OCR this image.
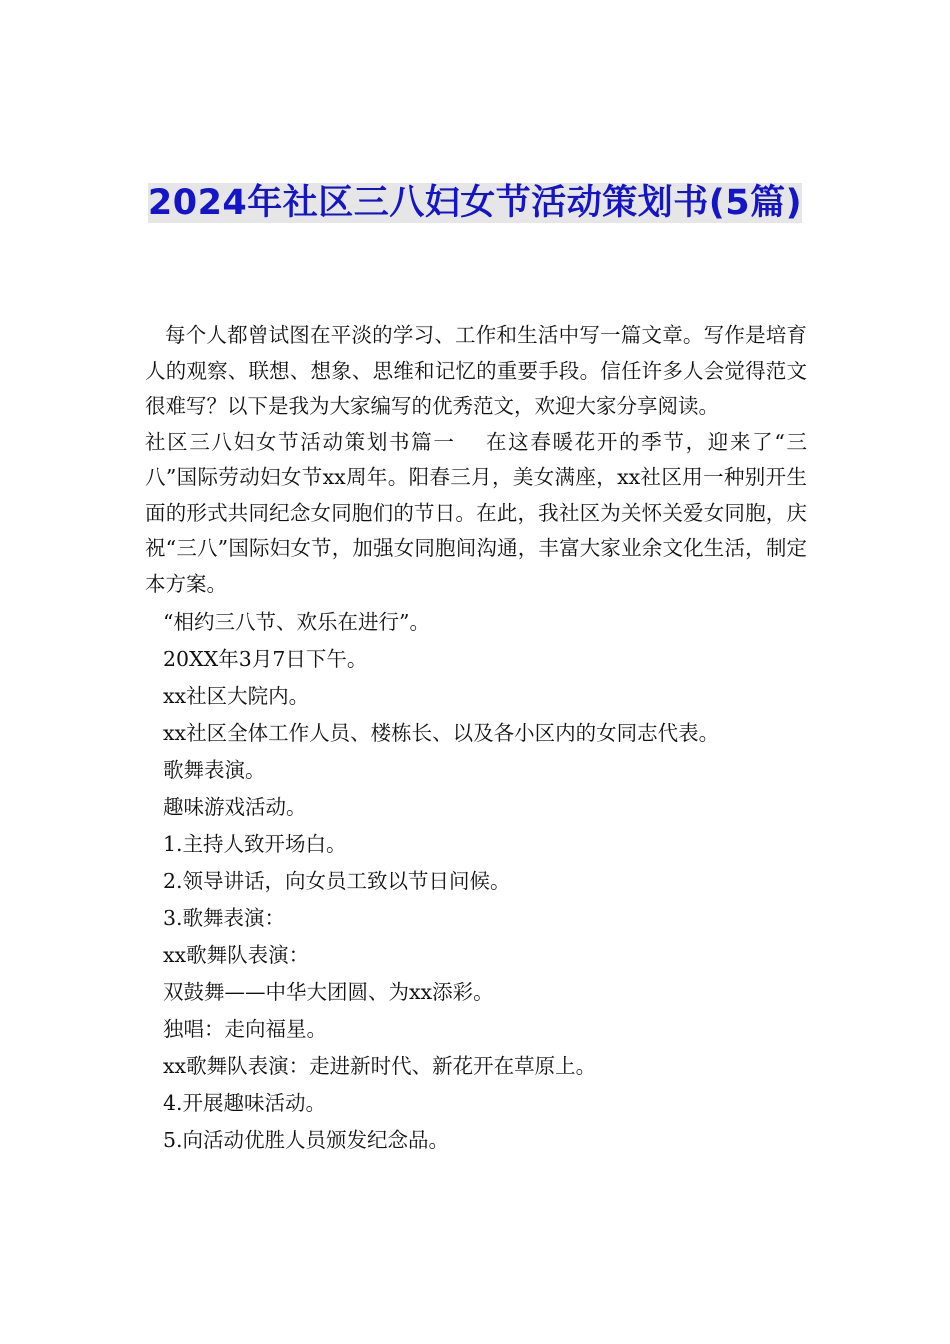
2024年社区三八妇女节活动策划书(5篇)

每个人都曾试图在平淡的学习、工作和生活中写一篇文章。写作是培育人的观察、联想、想象、思维和记忆的重要手段。信任许多人会觉得范文很难写？以下是我为大家编写的优秀范文，欢迎大家分享阅读。

社区三八妇女节活动策划书篇一　 在这春暖花开的季节，迎来了“三八”国际劳动妇女节xx周年。阳春三月，美女满座，xx社区用一种别开生面的形式共同纪念女同胞们的节日。在此，我社区为关怀关爱女同胞，庆祝“三八”国际妇女节，加强女同胞间沟通，丰富大家业余文化生活，制定本方案。

“相约三八节、欢乐在进行”。
20XX年3月7日下午。
xx社区大院内。
xx社区全体工作人员、楼栋长、以及各小区内的女同志代表。
歌舞表演。
趣味游戏活动。
1.主持人致开场白。
2.领导讲话，向女员工致以节日问候。
3.歌舞表演：
xx歌舞队表演：
双鼓舞——中华大团圆、为xx添彩。
独唱：走向福星。
xx歌舞队表演：走进新时代、新花开在草原上。
4.开展趣味活动。
5.向活动优胜人员颁发纪念品。
